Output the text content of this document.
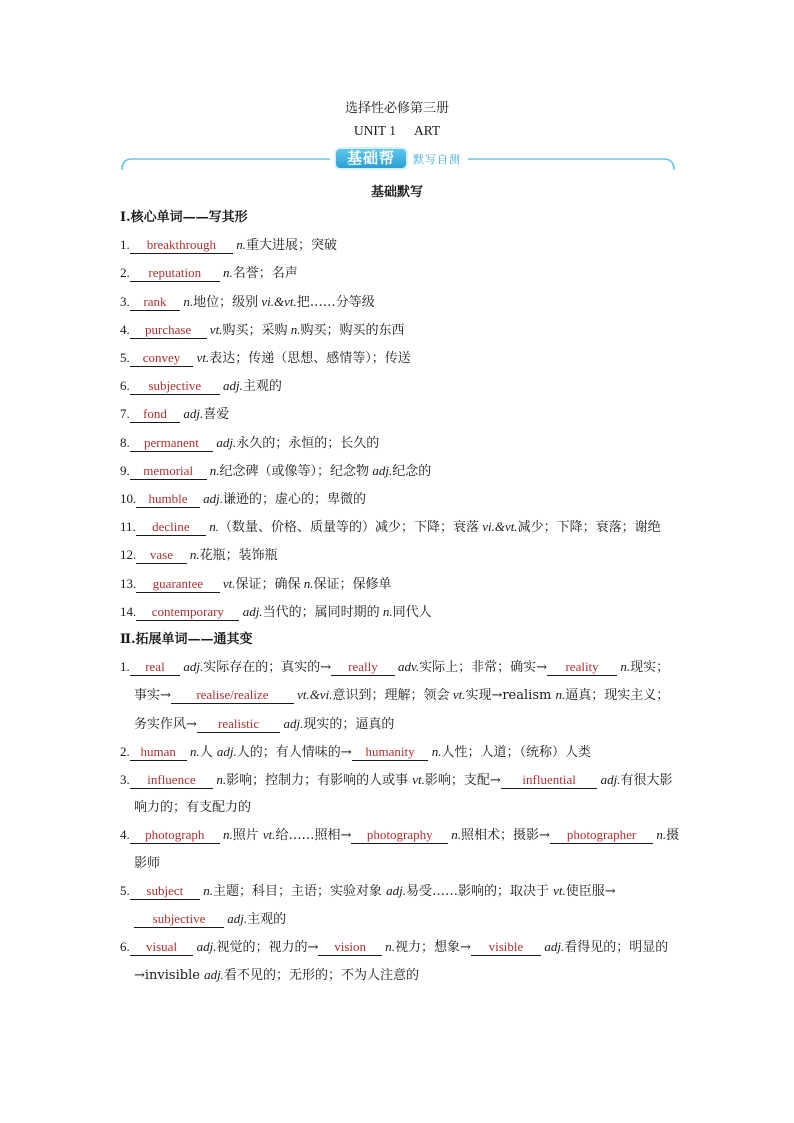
选择性必修第三册
UNIT 1 ART
基础帮	默写自测
基础默写
Ⅰ.核心单词——写其形
1. breakthrough n.重大进展；突破
2. reputation n.名誉；名声
3. rank n.地位；级别 vi.&vt.把……分等级
4. purchase vt.购买；采购 n.购买；购买的东西
5. convey vt.表达；传递（思想、感情等）；传送
6. subjective adj.主观的
7. fond adj.喜爱
8. permanent adj.永久的；永恒的；长久的
9. memorial n.纪念碑（或像等）；纪念物 adj.纪念的
10. humble adj.谦逊的；虚心的；卑微的
11. decline n.（数量、价格、质量等的）减少；下降；衰落 vi.&vt.减少；下降；衰落；谢绝
12. vase n.花瓶；装饰瓶
13. guarantee vt.保证；确保 n.保证；保修单
14. contemporary adj.当代的；属同时期的 n.同代人
Ⅱ.拓展单词——通其变
1. real adj.实际存在的；真实的→ really adv.实际上；非常；确实→ reality n.现实；事实→ realise/realize vt.&vi.意识到；理解；领会 vt.实现→realism n.逼真；现实主义；务实作风→ realistic adj.现实的；逼真的
2. human n.人 adj.人的；有人情味的→ humanity n.人性；人道；（统称）人类
3. influence n.影响；控制力；有影响的人或事 vt.影响；支配→ influential adj.有很大影响力的；有支配力的
4. photograph n.照片 vt.给……照相→ photography n.照相术；摄影→ photographer n.摄影师
5. subject n.主题；科目；主语；实验对象 adj.易受……影响的；取决于 vt.使臣服→subjective adj.主观的
6. visual adj.视觉的；视力的→ vision n.视力；想象→ visible adj.看得见的；明显的→invisible adj.看不见的；无形的；不为人注意的
